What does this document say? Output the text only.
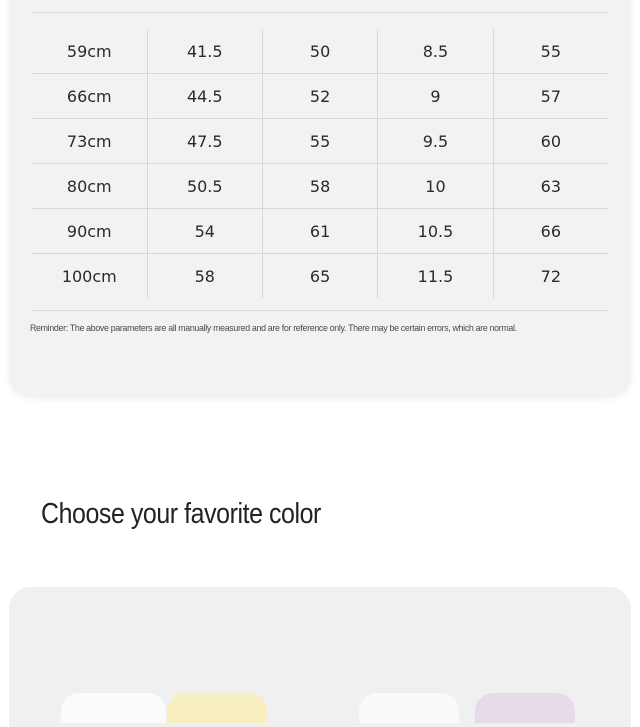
59cm	41.5	50	8.5	55
66cm	44.5	52	9	57
73cm	47.5	55	9.5	60
80cm	50.5	58	10	63
90cm	54	61	10.5	66
100cm	58	65	11.5	72
Reminder: The above parameters are all manually measured and are for reference only. There may be certain errors, which are normal.
Choose your favorite color
